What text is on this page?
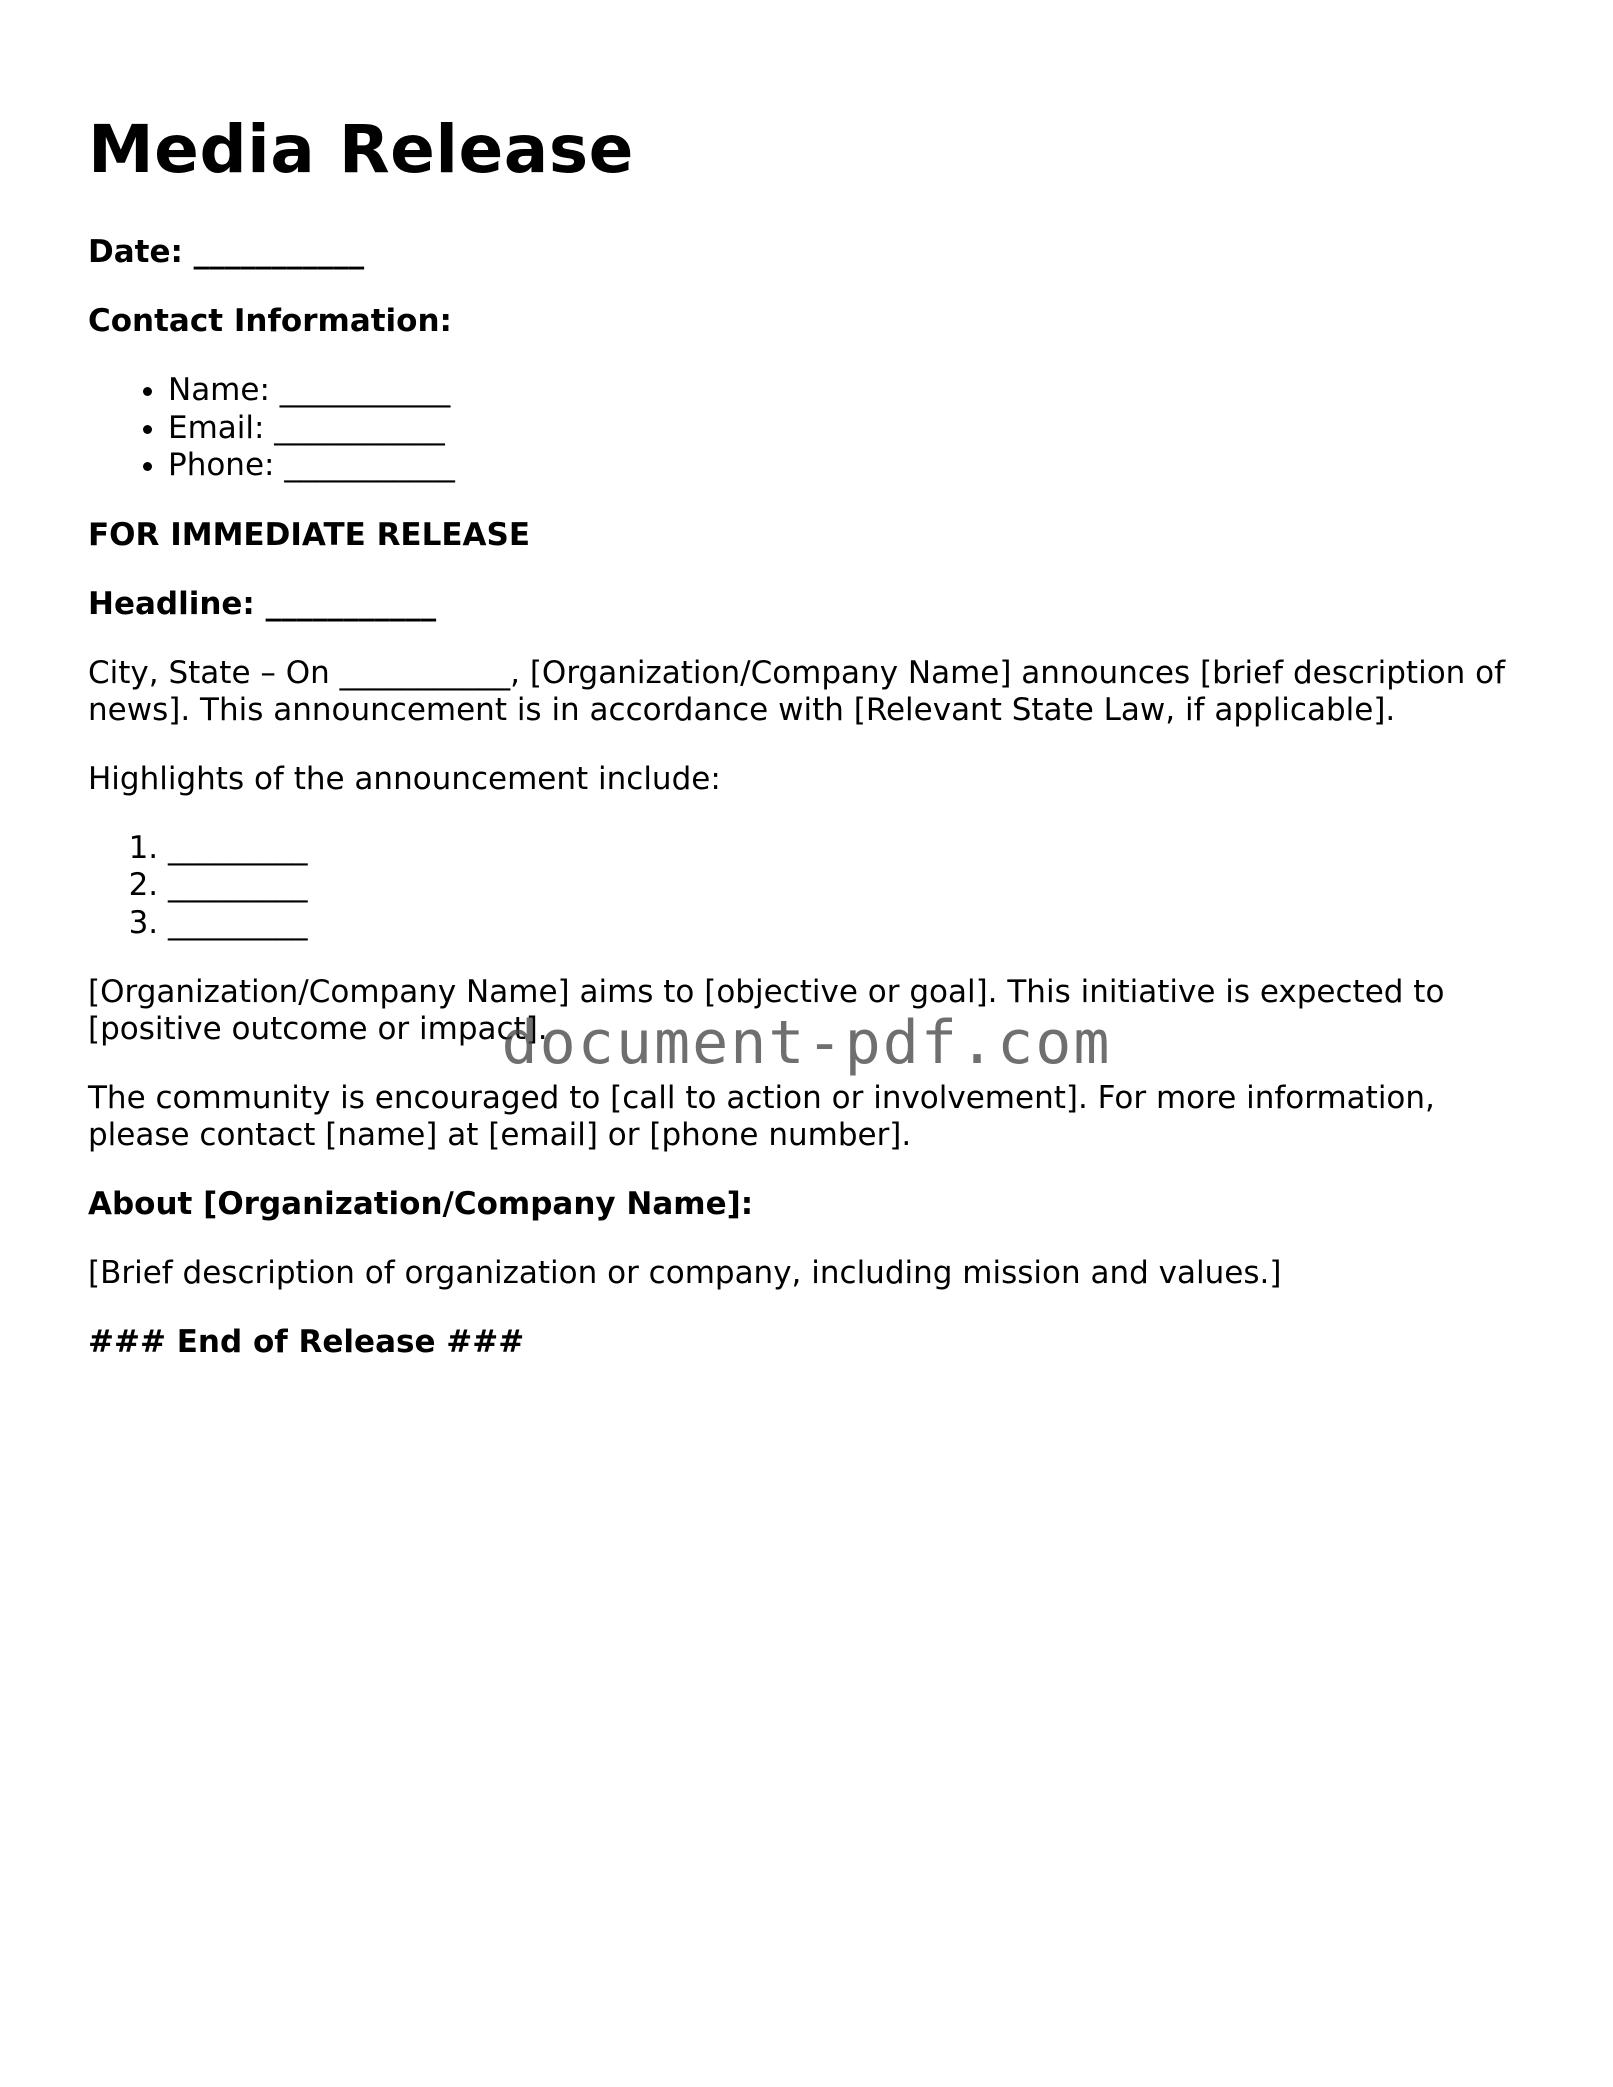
Media Release

Date: ___________

Contact Information:

• Name: ___________
• Email: ___________
• Phone: ___________

FOR IMMEDIATE RELEASE

Headline: ___________

City, State – On ___________, [Organization/Company Name] announces [brief description of news]. This announcement is in accordance with [Relevant State Law, if applicable].

Highlights of the announcement include:

1. _________
2. _________
3. _________

[Organization/Company Name] aims to [objective or goal]. This initiative is expected to [positive outcome or impact].

The community is encouraged to [call to action or involvement]. For more information, please contact [name] at [email] or [phone number].

About [Organization/Company Name]:

[Brief description of organization or company, including mission and values.]

### End of Release ###

document-pdf.com
